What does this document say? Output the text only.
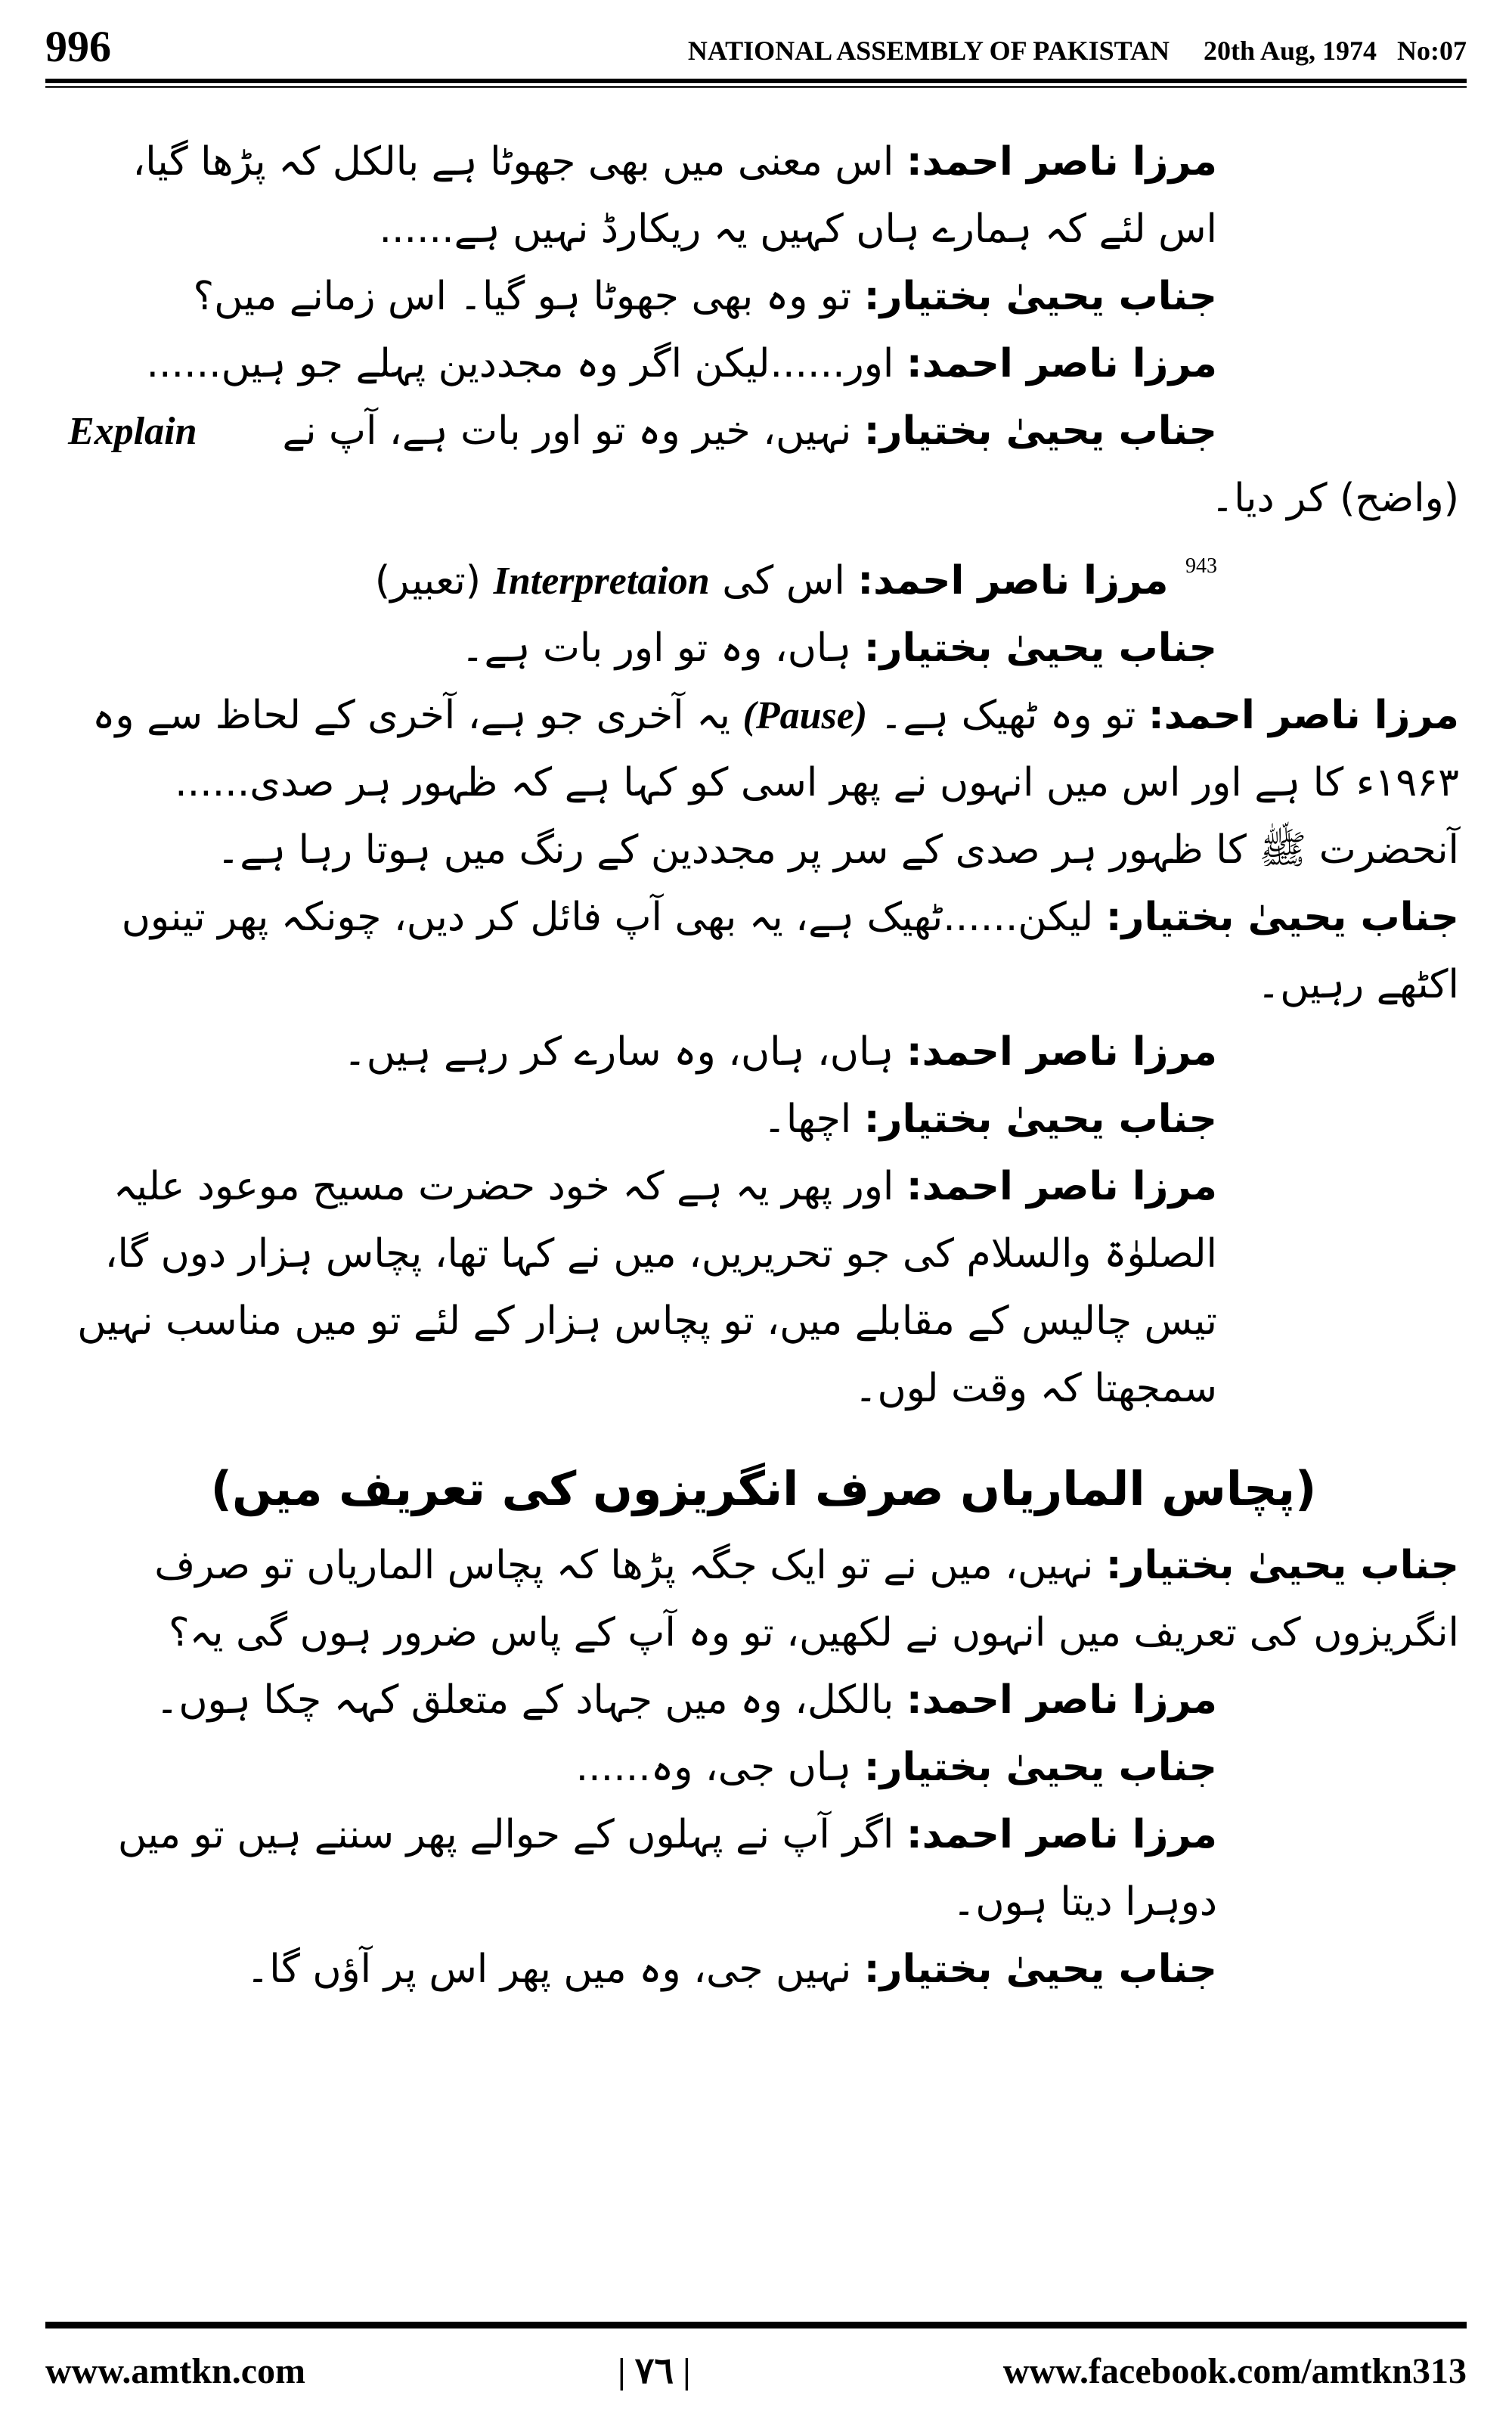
996	NATIONAL ASSEMBLY OF PAKISTAN     20th Aug, 1974   No:07

مرزا ناصر احمد: اس معنی میں بھی جھوٹا ہے بالکل کہ پڑھا گیا، اس لئے کہ ہمارے ہاں کہیں یہ ریکارڈ نہیں ہے......

جناب یحییٰ بختیار: تو وہ بھی جھوٹا ہو گیا۔ اس زمانے میں؟

مرزا ناصر احمد: اور......لیکن اگر وہ مجددین پہلے جو ہیں......

جناب یحییٰ بختیار: نہیں، خیر وہ تو اور بات ہے، آپ نے
Explain

(واضح) کر دیا۔

$^{943}$ مرزا ناصر احمد: اس کی Interpretaion (تعبیر)

جناب یحییٰ بختیار: ہاں، وہ تو اور بات ہے۔

مرزا ناصر احمد: تو وہ ٹھیک ہے۔ (Pause) یہ آخری جو ہے، آخری کے لحاظ سے وہ ۱۹۶۳ء کا ہے اور اس میں انہوں نے پھر اسی کو کہا ہے کہ ظہور ہر صدی...... آنحضرت ﷺ کا ظہور ہر صدی کے سر پر مجددین کے رنگ میں ہوتا رہا ہے۔

جناب یحییٰ بختیار: لیکن......ٹھیک ہے، یہ بھی آپ فائل کر دیں، چونکہ پھر تینوں اکٹھے رہیں۔

مرزا ناصر احمد: ہاں، ہاں، وہ سارے کر رہے ہیں۔

جناب یحییٰ بختیار: اچھا۔

مرزا ناصر احمد: اور پھر یہ ہے کہ خود حضرت مسیح موعود علیہ الصلوٰۃ والسلام کی جو تحریریں، میں نے کہا تھا، پچاس ہزار دوں گا، تیس چالیس کے مقابلے میں، تو پچاس ہزار کے لئے تو میں مناسب نہیں سمجھتا کہ وقت لوں۔

(پچاس الماریاں صرف انگریزوں کی تعریف میں)

جناب یحییٰ بختیار: نہیں، میں نے تو ایک جگہ پڑھا کہ پچاس الماریاں تو صرف انگریزوں کی تعریف میں انہوں نے لکھیں، تو وہ آپ کے پاس ضرور ہوں گی یہ؟

مرزا ناصر احمد: بالکل، وہ میں جہاد کے متعلق کہہ چکا ہوں۔

جناب یحییٰ بختیار: ہاں جی، وہ......

مرزا ناصر احمد: اگر آپ نے پہلوں کے حوالے پھر سننے ہیں تو میں دوہرا دیتا ہوں۔

جناب یحییٰ بختیار: نہیں جی، وہ میں پھر اس پر آؤں گا۔

www.amtkn.com	| ٧٦ |	www.facebook.com/amtkn313
